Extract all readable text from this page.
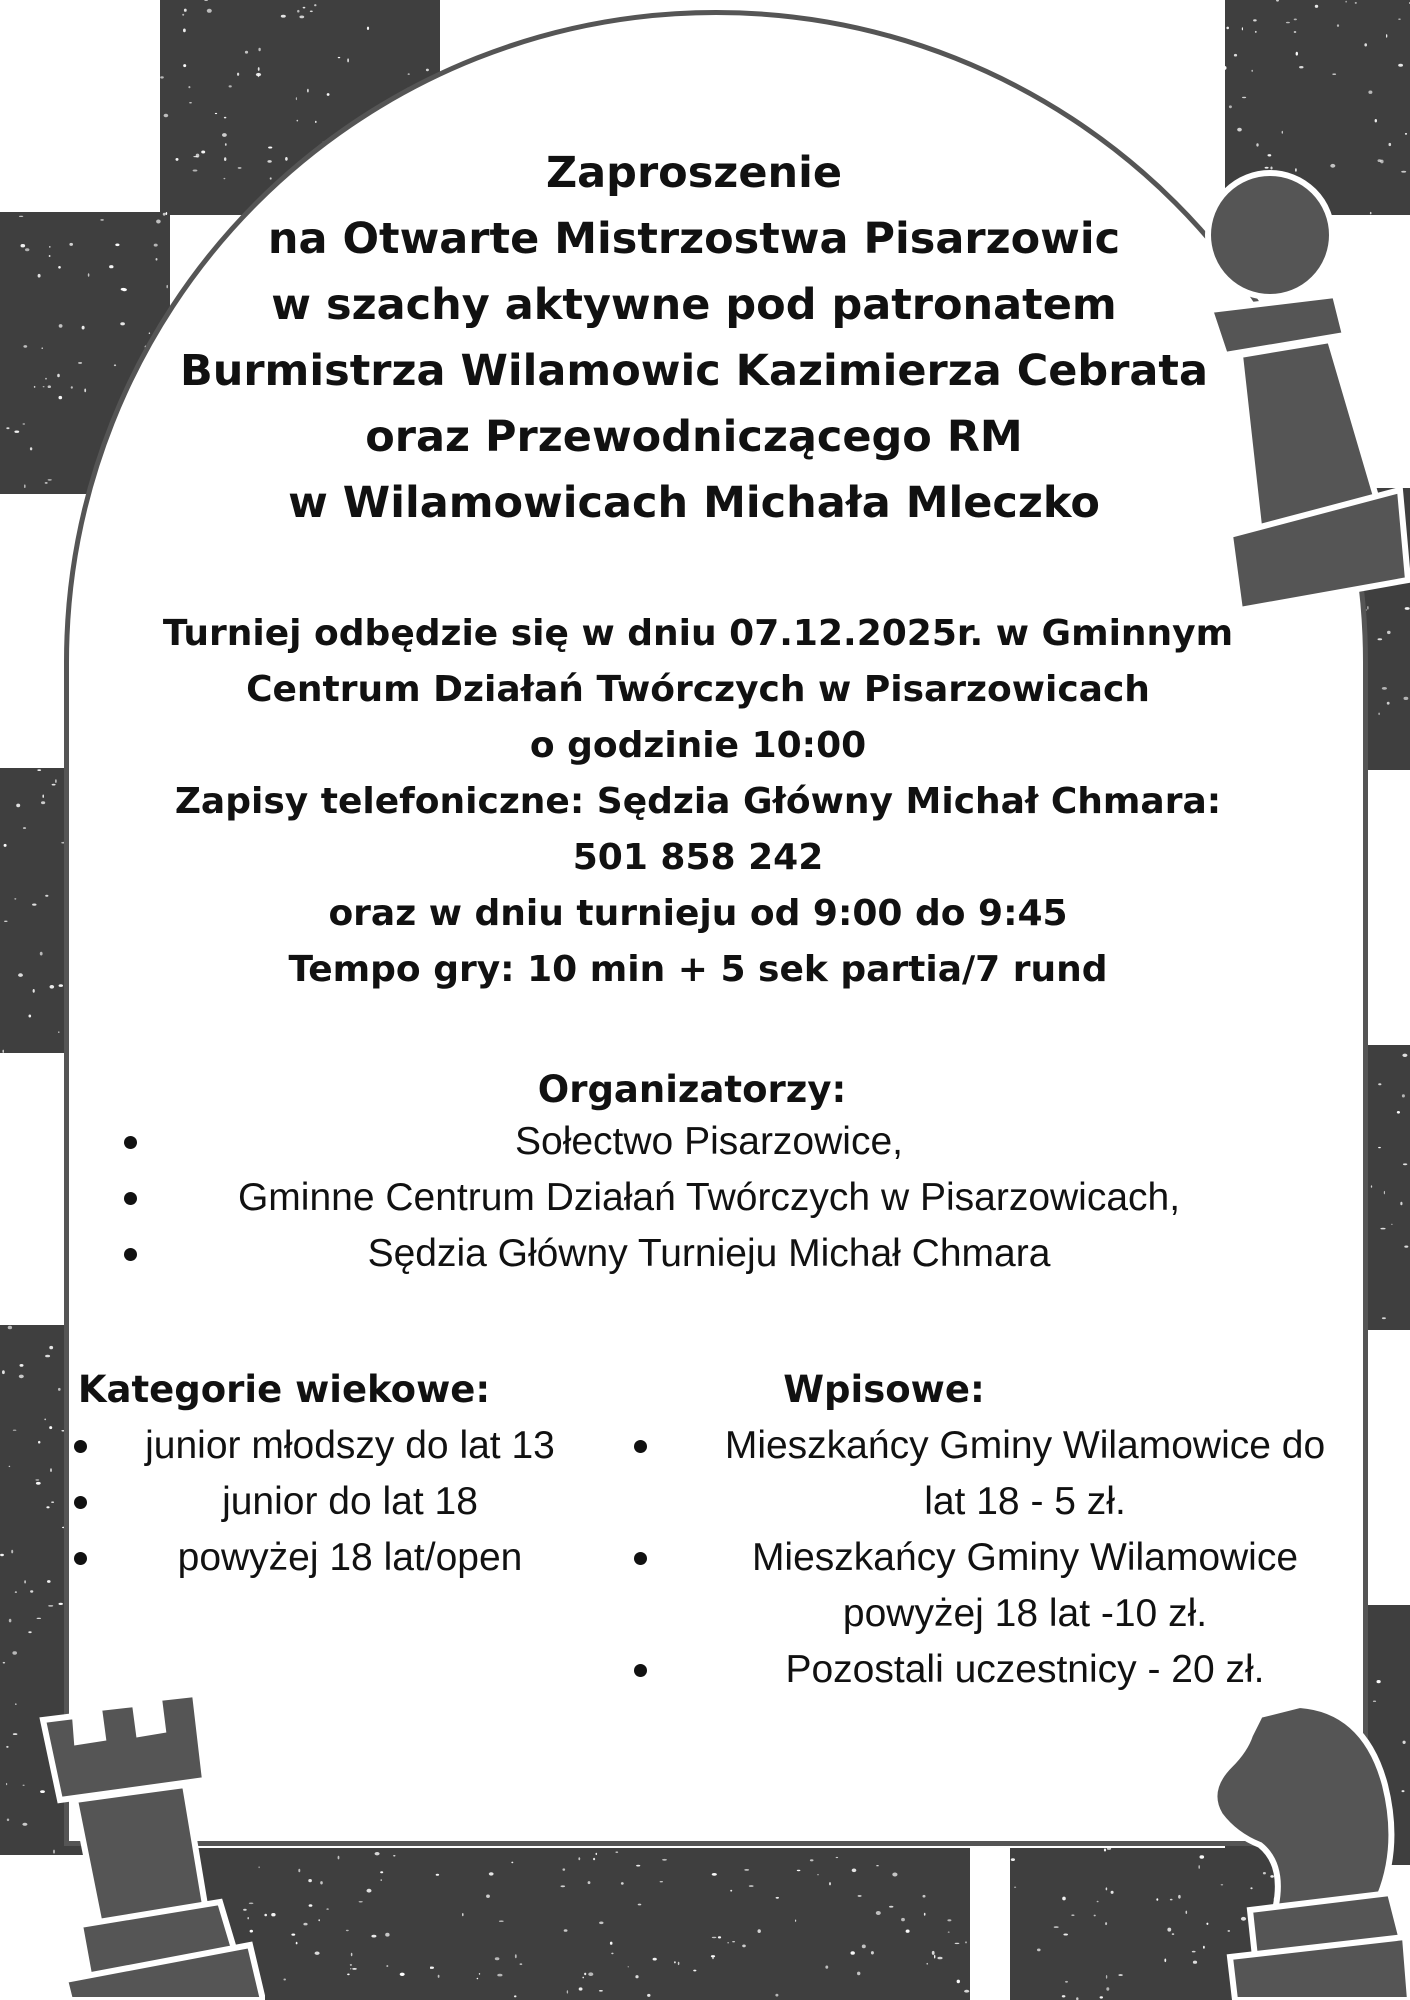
Zaproszenie
na Otwarte Mistrzostwa Pisarzowic
w szachy aktywne pod patronatem
Burmistrza Wilamowic Kazimierza Cebrata
oraz Przewodniczącego RM
w Wilamowicach Michała Mleczko
Turniej odbędzie się w dniu 07.12.2025r. w Gminnym
Centrum Działań Twórczych w Pisarzowicach
o godzinie 10:00
Zapisy telefoniczne: Sędzia Główny Michał Chmara:
501 858 242
oraz w dniu turnieju od 9:00 do 9:45
Tempo gry: 10 min + 5 sek partia/7 rund
Organizatorzy:
Sołectwo Pisarzowice,
Gminne Centrum Działań Twórczych w Pisarzowicach,
Sędzia Główny Turnieju Michał Chmara
Kategorie wiekowe:
junior młodszy do lat 13
junior do lat 18
powyżej 18 lat/open
Wpisowe:
Mieszkańcy Gminy Wilamowice do
lat 18 - 5 zł.
Mieszkańcy Gminy Wilamowice
powyżej 18 lat -10 zł.
Pozostali uczestnicy - 20 zł.
